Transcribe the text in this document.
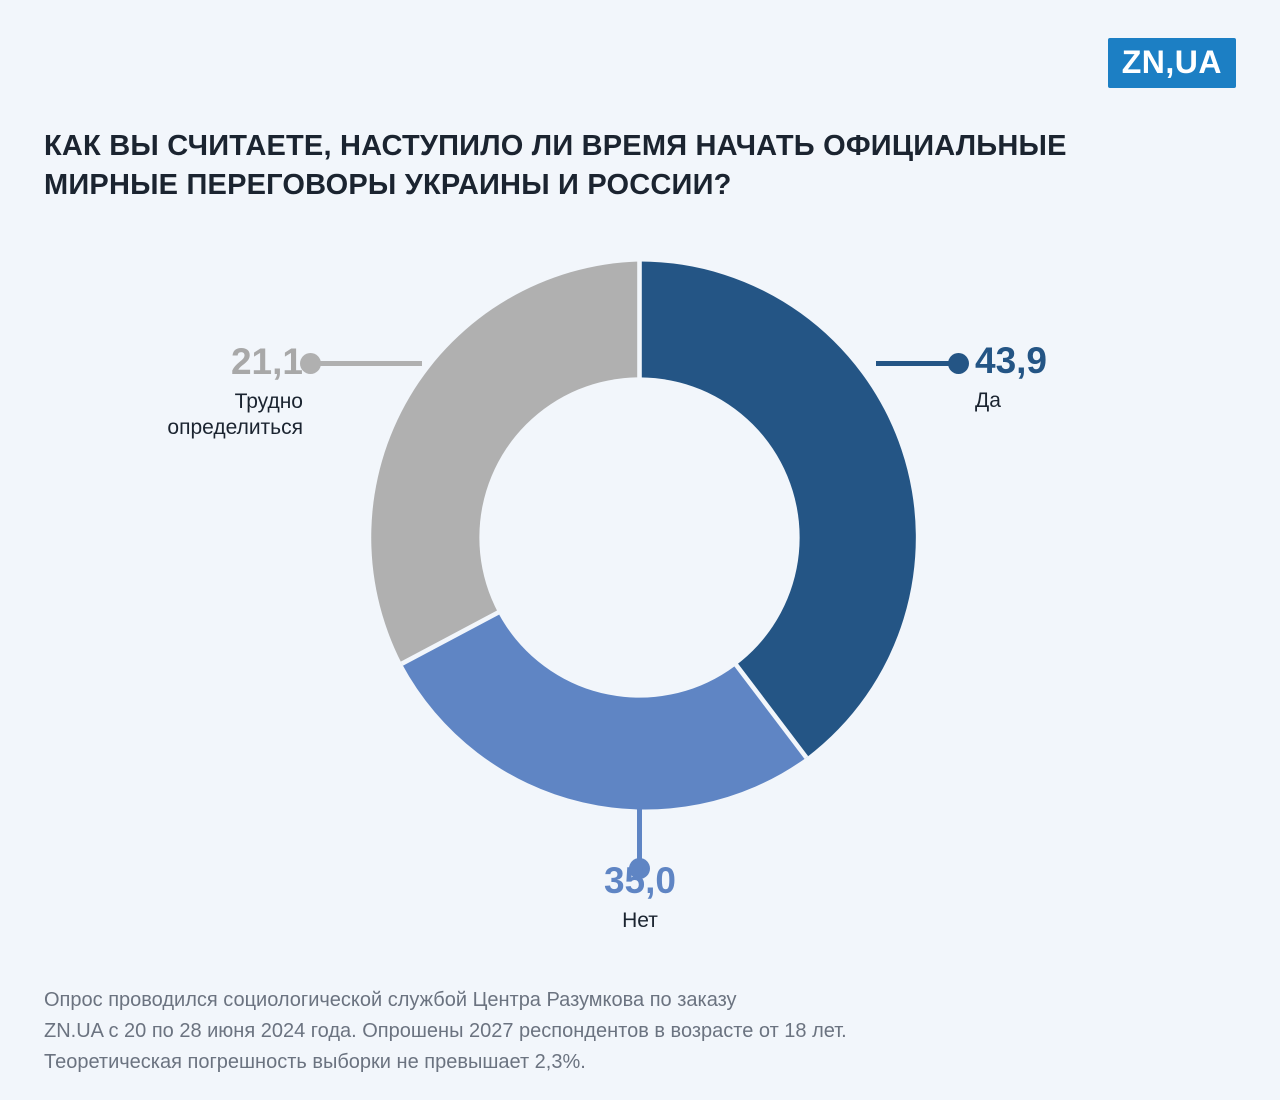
ZN,UA
КАК ВЫ СЧИТАЕТЕ, НАСТУПИЛО ЛИ ВРЕМЯ НАЧАТЬ ОФИЦИАЛЬНЫЕ МИРНЫЕ ПЕРЕГОВОРЫ УКРАИНЫ И РОССИИ?
43,9
Да
21,1
Трудно
определиться
35,0
Нет
Опрос проводился социологической службой Центра Разумкова по заказу
ZN.UA с 20 по 28 июня 2024 года. Опрошены 2027 респондентов в возрасте от 18 лет.
Теоретическая погрешность выборки не превышает 2,3%.
